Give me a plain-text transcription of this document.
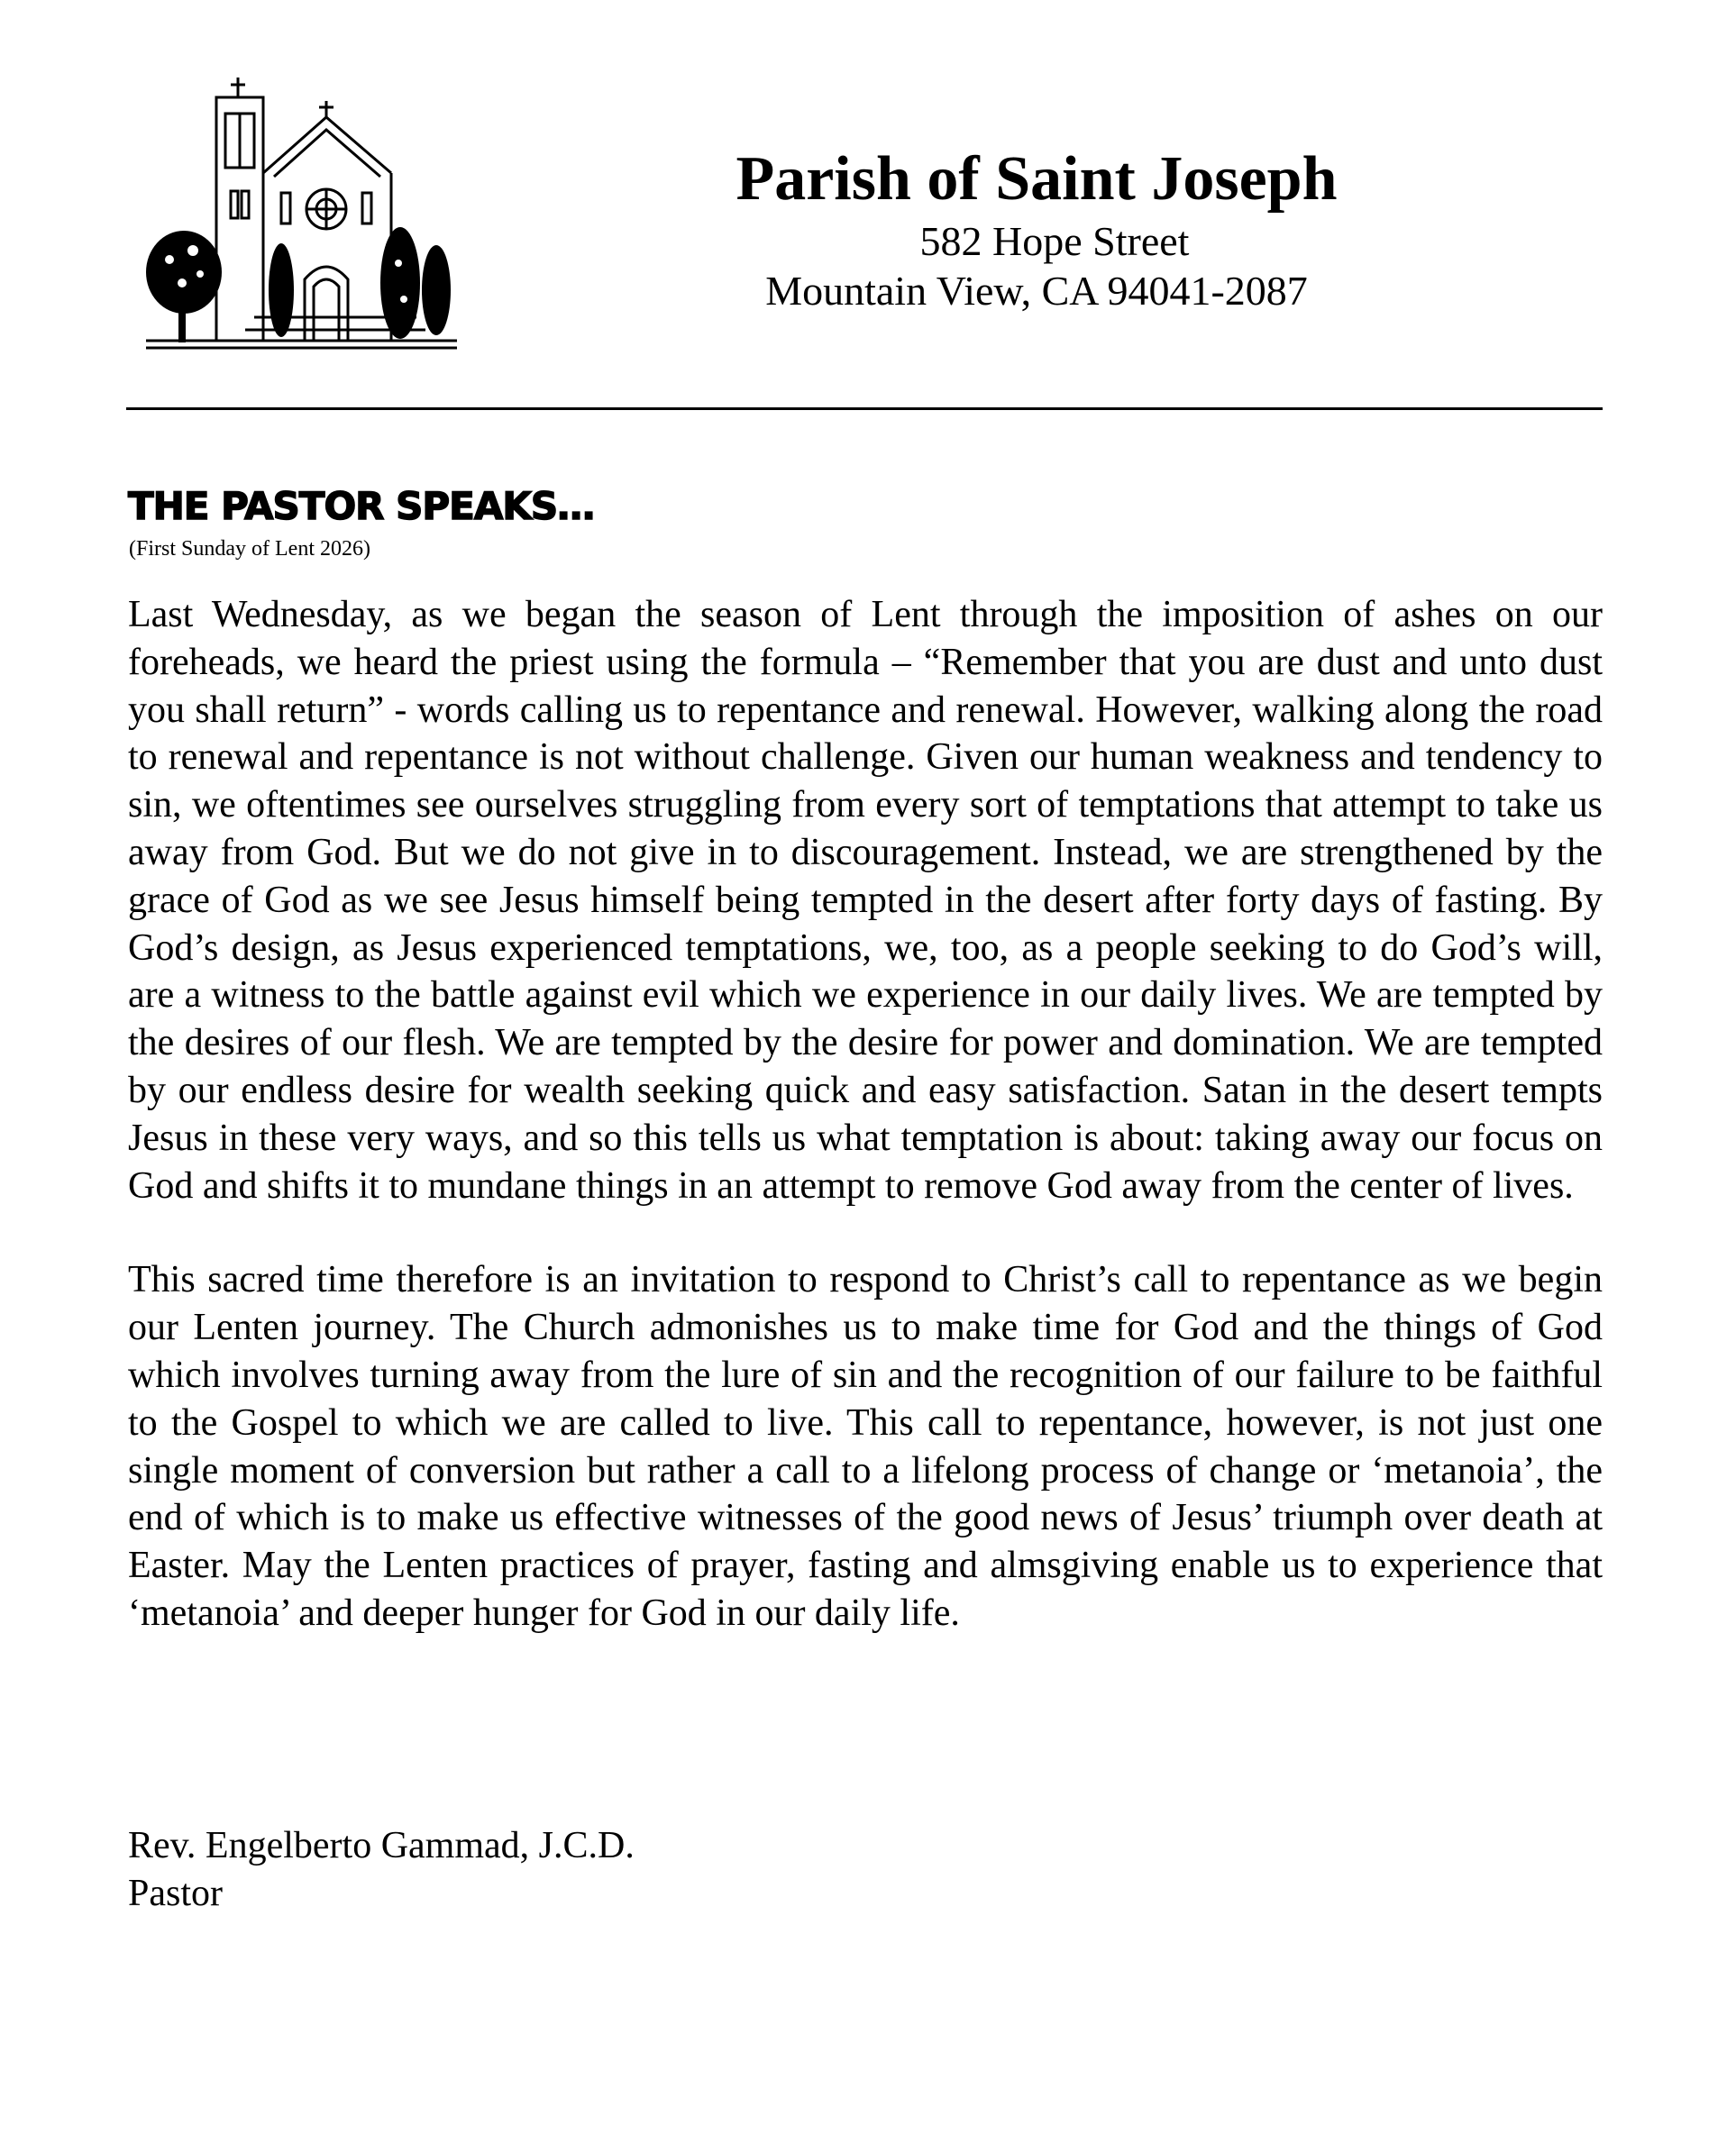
Parish of Saint Joseph
582 Hope Street
Mountain View, CA 94041-2087
THE PASTOR SPEAKS…
(First Sunday of Lent 2026)

Last Wednesday, as we began the season of Lent through the imposition of ashes on our foreheads, we heard the priest using the formula – “Remember that you are dust and unto dust you shall return” - words calling us to repentance and renewal. However, walking along the road to renewal and repentance is not without challenge. Given our human weakness and tendency to sin, we oftentimes see ourselves struggling from every sort of temptations that attempt to take us away from God. But we do not give in to discouragement. Instead, we are strengthened by the grace of God as we see Jesus himself being tempted in the desert after forty days of fasting. By God’s design, as Jesus experienced temptations, we, too, as a people seeking to do God’s will, are a witness to the battle against evil which we experience in our daily lives. We are tempted by the desires of our flesh. We are tempted by the desire for power and domination. We are tempted by our endless desire for wealth seeking quick and easy satisfaction. Satan in the desert tempts Jesus in these very ways, and so this tells us what temptation is about: taking away our focus on God and shifts it to mundane things in an attempt to remove God away from the center of lives.

This sacred time therefore is an invitation to respond to Christ’s call to repentance as we begin our Lenten journey. The Church admonishes us to make time for God and the things of God which involves turning away from the lure of sin and the recognition of our failure to be faithful to the Gospel to which we are called to live. This call to repentance, however, is not just one single moment of conversion but rather a call to a lifelong process of change or ‘metanoia’, the end of which is to make us effective witnesses of the good news of Jesus’ triumph over death at Easter. May the Lenten practices of prayer, fasting and almsgiving enable us to experience that ‘metanoia’ and deeper hunger for God in our daily life.

Rev. Engelberto Gammad, J.C.D.
Pastor
